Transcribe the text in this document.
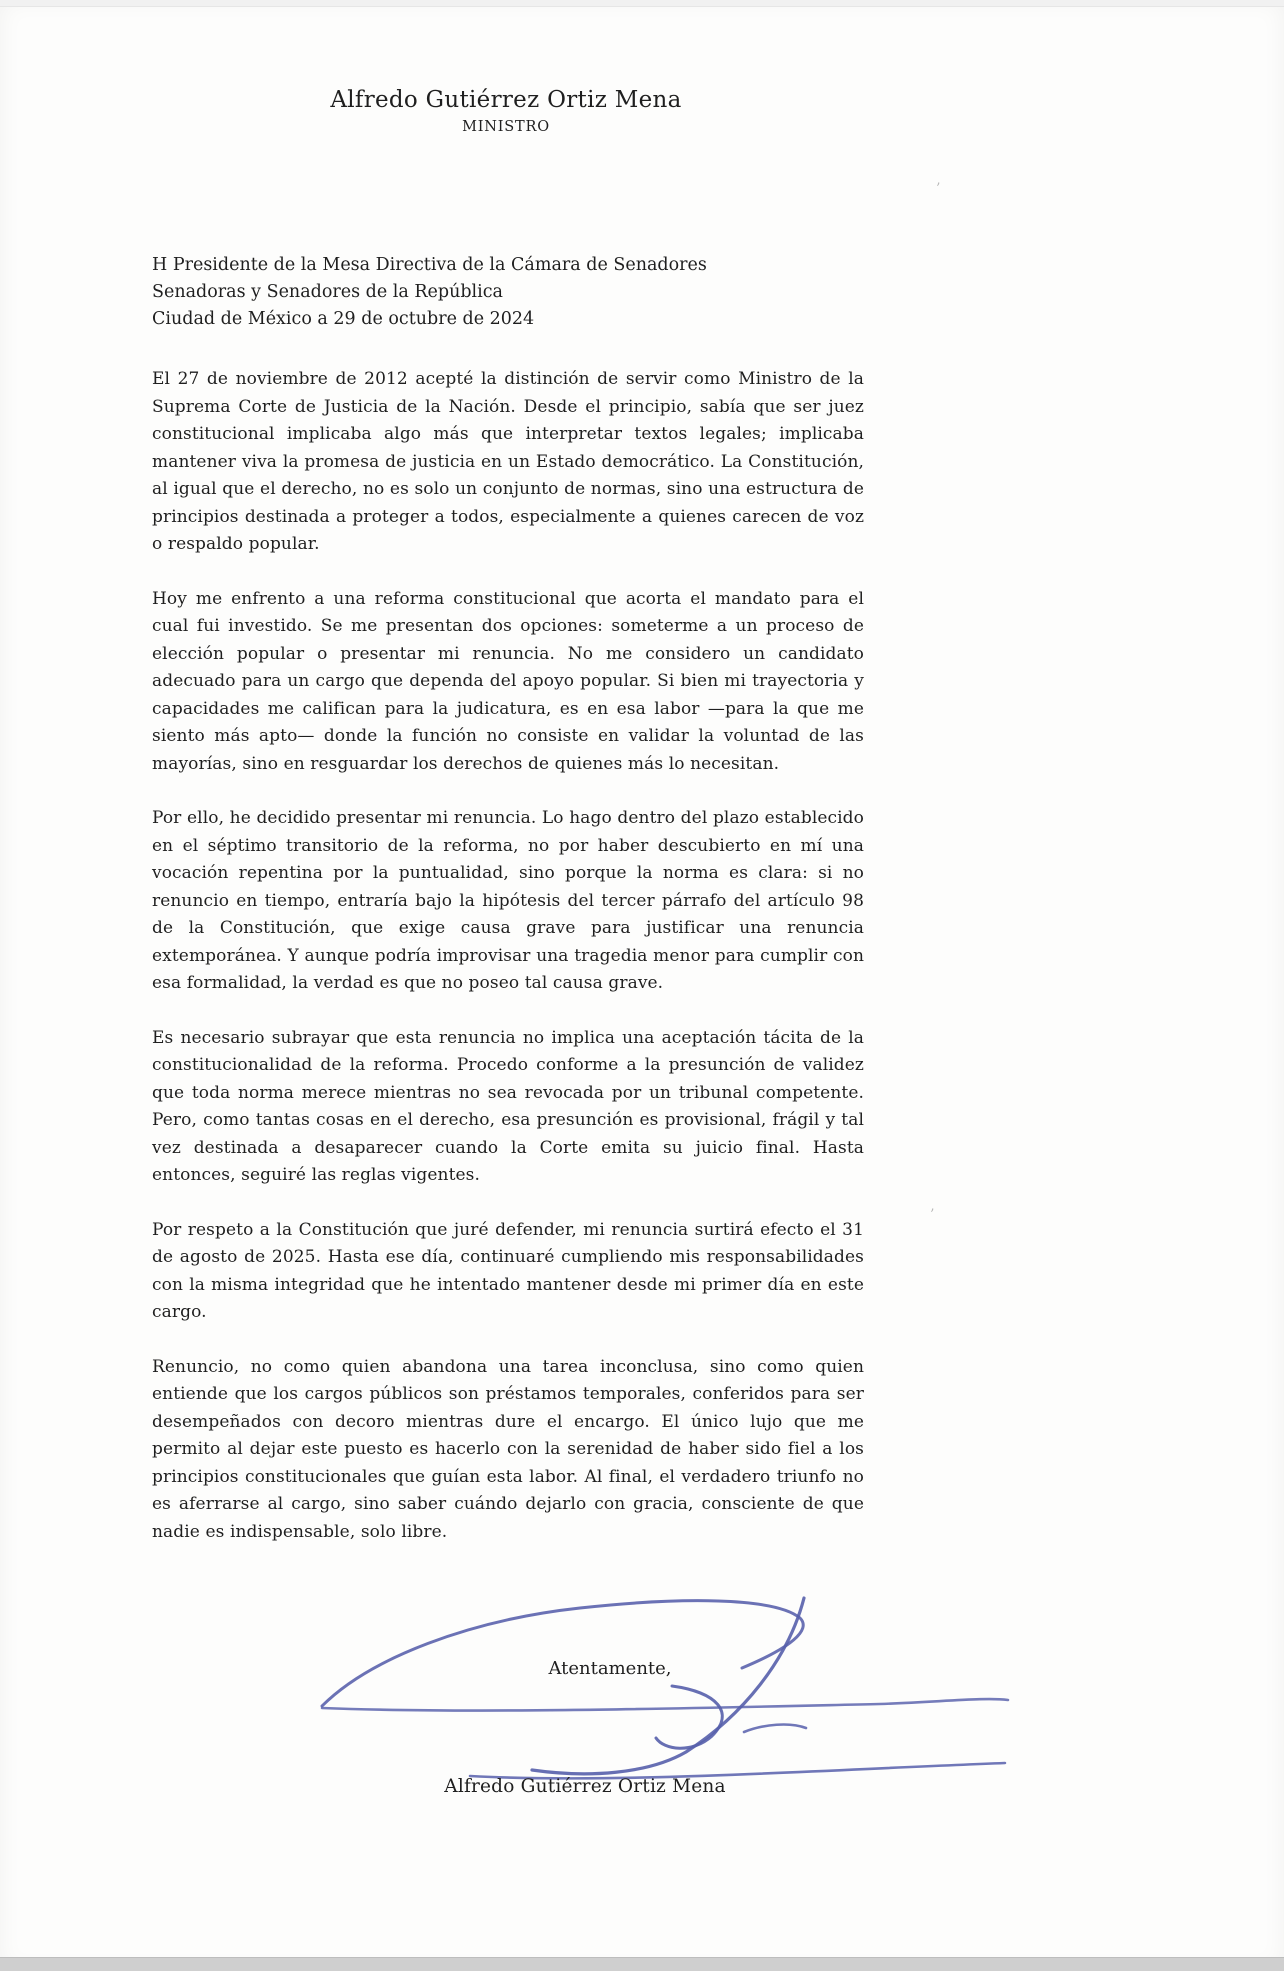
Alfredo Gutiérrez Ortiz Mena
MINISTRO
H Presidente de la Mesa Directiva de la Cámara de Senadores
Senadoras y Senadores de la República
Ciudad de México a 29 de octubre de 2024

El 27 de noviembre de 2012 acepté la distinción de servir como Ministro de la Suprema Corte de Justicia de la Nación. Desde el principio, sabía que ser juez constitucional implicaba algo más que interpretar textos legales; implicaba mantener viva la promesa de justicia en un Estado democrático. La Constitución, al igual que el derecho, no es solo un conjunto de normas, sino una estructura de principios destinada a proteger a todos, especialmente a quienes carecen de voz o respaldo popular.

Hoy me enfrento a una reforma constitucional que acorta el mandato para el cual fui investido. Se me presentan dos opciones: someterme a un proceso de elección popular o presentar mi renuncia. No me considero un candidato adecuado para un cargo que dependa del apoyo popular. Si bien mi trayectoria y capacidades me califican para la judicatura, es en esa labor —para la que me siento más apto— donde la función no consiste en validar la voluntad de las mayorías, sino en resguardar los derechos de quienes más lo necesitan.

Por ello, he decidido presentar mi renuncia. Lo hago dentro del plazo establecido en el séptimo transitorio de la reforma, no por haber descubierto en mí una vocación repentina por la puntualidad, sino porque la norma es clara: si no renuncio en tiempo, entraría bajo la hipótesis del tercer párrafo del artículo 98 de la Constitución, que exige causa grave para justificar una renuncia extemporánea. Y aunque podría improvisar una tragedia menor para cumplir con esa formalidad, la verdad es que no poseo tal causa grave.

Es necesario subrayar que esta renuncia no implica una aceptación tácita de la constitucionalidad de la reforma. Procedo conforme a la presunción de validez que toda norma merece mientras no sea revocada por un tribunal competente. Pero, como tantas cosas en el derecho, esa presunción es provisional, frágil y tal vez destinada a desaparecer cuando la Corte emita su juicio final. Hasta entonces, seguiré las reglas vigentes.

Por respeto a la Constitución que juré defender, mi renuncia surtirá efecto el 31 de agosto de 2025. Hasta ese día, continuaré cumpliendo mis responsabilidades con la misma integridad que he intentado mantener desde mi primer día en este cargo.

Renuncio, no como quien abandona una tarea inconclusa, sino como quien entiende que los cargos públicos son préstamos temporales, conferidos para ser desempeñados con decoro mientras dure el encargo. El único lujo que me permito al dejar este puesto es hacerlo con la serenidad de haber sido fiel a los principios constitucionales que guían esta labor. Al final, el verdadero triunfo no es aferrarse al cargo, sino saber cuándo dejarlo con gracia, consciente de que nadie es indispensable, solo libre.

Atentamente,
Alfredo Gutiérrez Ortiz Mena
’
’
